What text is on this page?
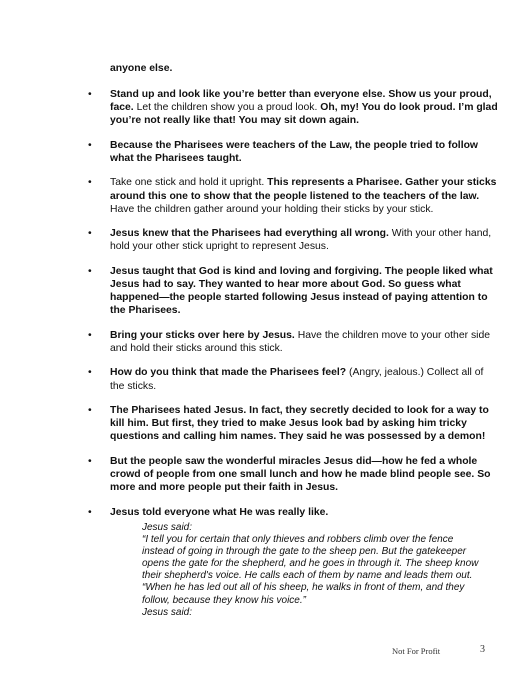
anyone else.

• Stand up and look like you’re better than everyone else. Show us your proud, face. Let the children show you a proud look. Oh, my! You do look proud. I’m glad you’re not really like that! You may sit down again.
• Because the Pharisees were teachers of the Law, the people tried to follow what the Pharisees taught.
• Take one stick and hold it upright. This represents a Pharisee. Gather your sticks around this one to show that the people listened to the teachers of the law. Have the children gather around your holding their sticks by your stick.
• Jesus knew that the Pharisees had everything all wrong. With your other hand, hold your other stick upright to represent Jesus.
• Jesus taught that God is kind and loving and forgiving. The people liked what Jesus had to say. They wanted to hear more about God. So guess what happened—the people started following Jesus instead of paying attention to the Pharisees.
• Bring your sticks over here by Jesus. Have the children move to your other side and hold their sticks around this stick.
• How do you think that made the Pharisees feel? (Angry, jealous.) Collect all of the sticks.
• The Pharisees hated Jesus. In fact, they secretly decided to look for a way to kill him. But first, they tried to make Jesus look bad by asking him tricky questions and calling him names. They said he was possessed by a demon!
• But the people saw the wonderful miracles Jesus did—how he fed a whole crowd of people from one small lunch and how he made blind people see. So more and more people put their faith in Jesus.
• Jesus told everyone what He was really like.
Jesus said:
“I tell you for certain that only thieves and robbers climb over the fence instead of going in through the gate to the sheep pen. But the gatekeeper opens the gate for the shepherd, and he goes in through it. The sheep know their shepherd's voice. He calls each of them by name and leads them out.
“When he has led out all of his sheep, he walks in front of them, and they follow, because they know his voice.”
Jesus said:
Not For Profit	3
